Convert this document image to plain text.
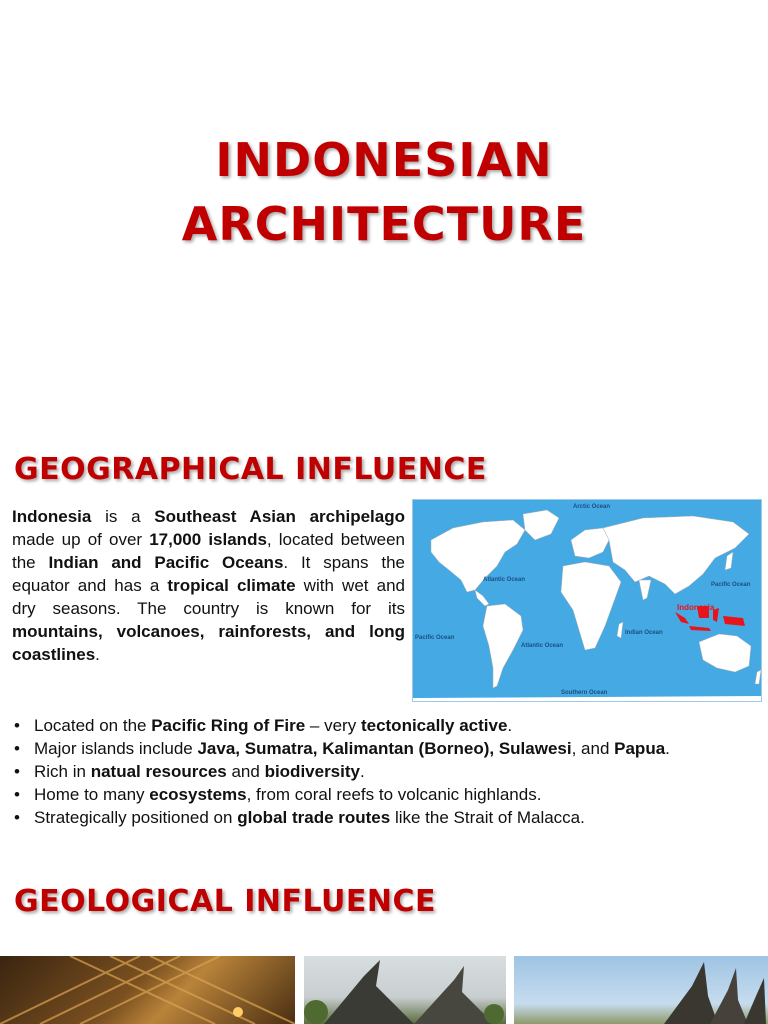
INDONESIAN
ARCHITECTURE
GEOGRAPHICAL INFLUENCE

Indonesia is a Southeast Asian archipelago made up of over 17,000 islands, located between the Indian and Pacific Oceans. It spans the equator and has a tropical climate with wet and dry seasons. The country is known for its mountains, volcanoes, rainforests, and long coastlines.

Arctic Ocean
Atlantic Ocean
Pacific Ocean
Indian Ocean
Pacific Ocean
Atlantic Ocean
Southern Ocean
Indonesia
• Located on the Pacific Ring of Fire – very tectonically active.
• Major islands include Java, Sumatra, Kalimantan (Borneo), Sulawesi, and Papua.
• Rich in natual resources and biodiversity.
• Home to many ecosystems, from coral reefs to volcanic highlands.
• Strategically positioned on global trade routes like the Strait of Malacca.
GEOLOGICAL INFLUENCE
